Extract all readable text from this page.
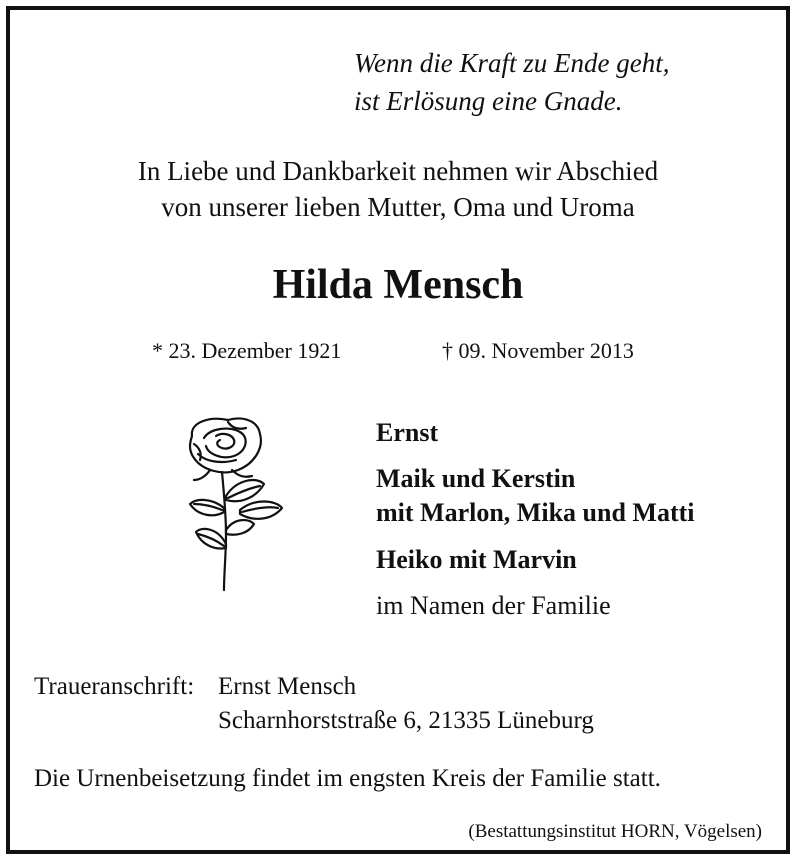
Wenn die Kraft zu Ende geht,
ist Erlösung eine Gnade.
In Liebe und Dankbarkeit nehmen wir Abschied
von unserer lieben Mutter, Oma und Uroma
Hilda Mensch
* 23. Dezember 1921	† 09. November 2013
Ernst
Maik und Kerstin
mit Marlon, Mika und Matti
Heiko mit Marvin
im Namen der Familie
Traueranschrift: Ernst Mensch
Scharnhorststraße 6, 21335 Lüneburg
Die Urnenbeisetzung findet im engsten Kreis der Familie statt.
(Bestattungsinstitut HORN, Vögelsen)
